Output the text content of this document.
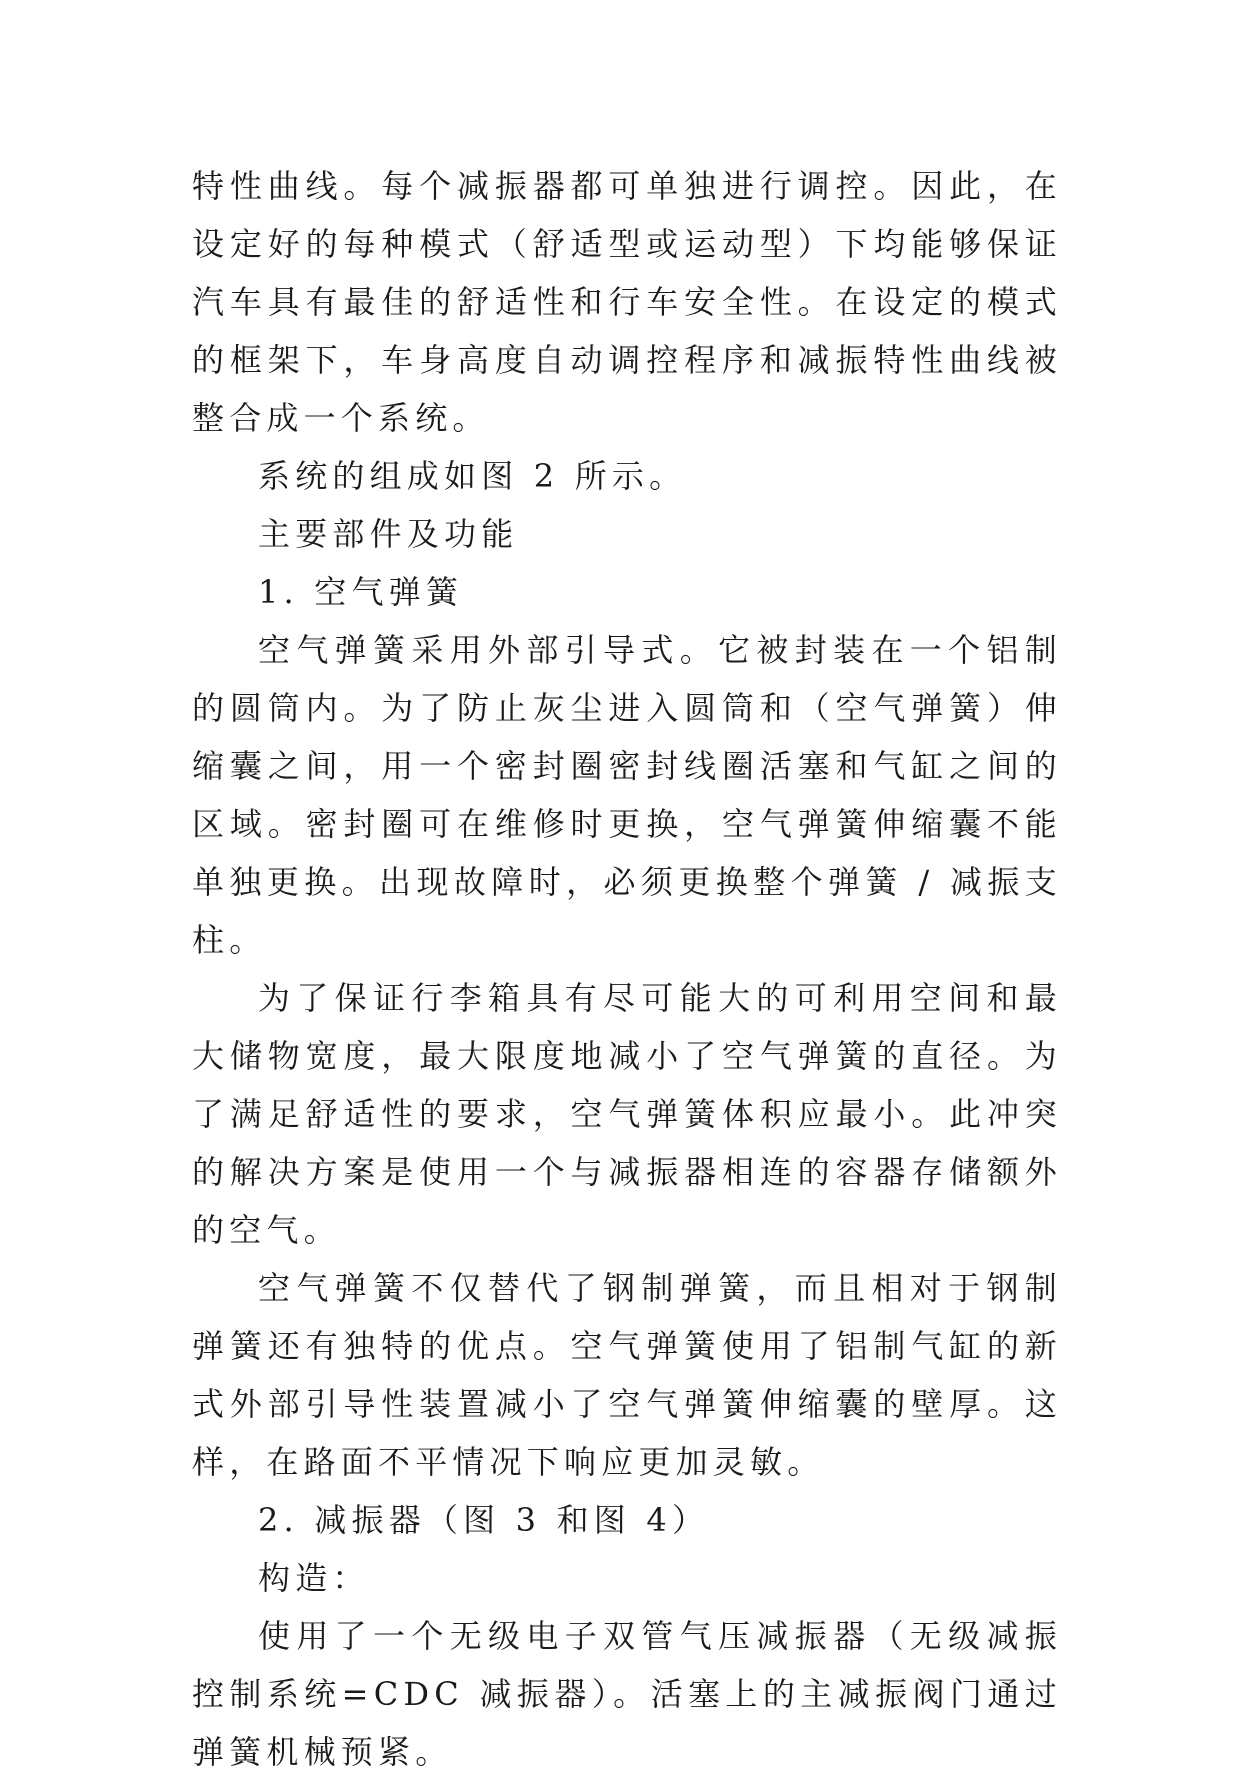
特性曲线。每个减振器都可单独进行调控。因此，在设定好的每种模式（舒适型或运动型）下均能够保证汽车具有最佳的舒适性和行车安全性。在设定的模式的框架下，车身高度自动调控程序和减振特性曲线被整合成一个系统。

系统的组成如图 2 所示。

主要部件及功能

1. 空气弹簧

空气弹簧采用外部引导式。它被封装在一个铝制的圆筒内。为了防止灰尘进入圆筒和（空气弹簧）伸缩囊之间，用一个密封圈密封线圈活塞和气缸之间的区域。密封圈可在维修时更换，空气弹簧伸缩囊不能单独更换。出现故障时，必须更换整个弹簧 / 减振支柱。

为了保证行李箱具有尽可能大的可利用空间和最大储物宽度，最大限度地减小了空气弹簧的直径。为了满足舒适性的要求，空气弹簧体积应最小。此冲突的解决方案是使用一个与减振器相连的容器存储额外的空气。

空气弹簧不仅替代了钢制弹簧，而且相对于钢制弹簧还有独特的优点。空气弹簧使用了铝制气缸的新式外部引导性装置减小了空气弹簧伸缩囊的壁厚。这样，在路面不平情况下响应更加灵敏。

2. 减振器（图 3 和图 4）

构造：

使用了一个无级电子双管气压减振器（无级减振控制系统=CDC 减振器）。活塞上的主减振阀门通过弹簧机械预紧。
